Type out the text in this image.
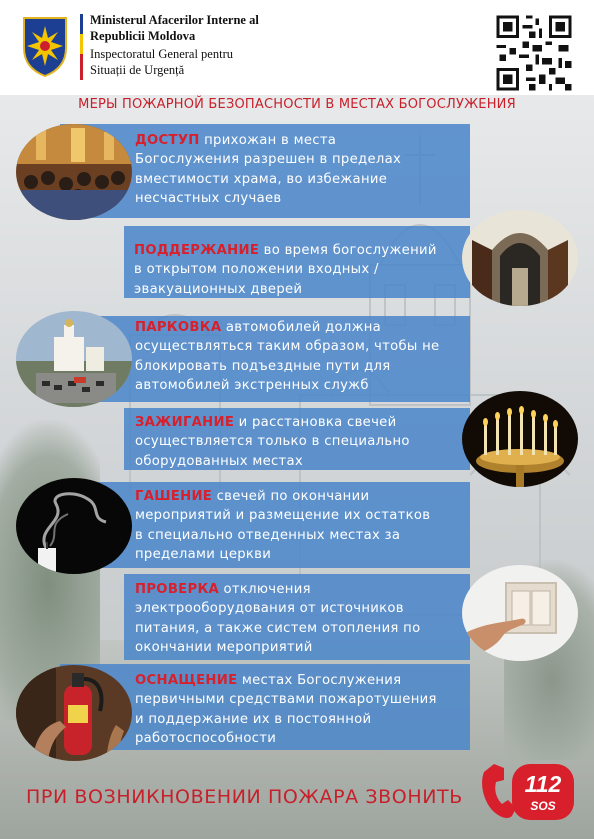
Ministerul Afacerilor Interne al
Republicii Moldova
Inspectoratul General pentru
Situații de Urgență
МЕРЫ ПОЖАРНОЙ БЕЗОПАСНОСТИ В МЕСТАХ БОГОСЛУЖЕНИЯ
ДОСТУП прихожан в места
Богослужения разрешен в пределах
вместимости храма, во избежание
несчастных случаев
ПОДДЕРЖАНИЕ во время богослужений
в открытом положении входных /
эвакуационных дверей
ПАРКОВКА автомобилей должна
осуществляться таким образом, чтобы не
блокировать подъездные пути для
автомобилей экстренных служб
ЗАЖИГАНИЕ и расстановка свечей
осуществляется только в специально
оборудованных местах
ГАШЕНИЕ свечей по окончании
мероприятий и размещение их остатков
в специально отведенных местах за
пределами церкви
ПРОВЕРКА отключения
электрооборудования от источников
питания, а также систем отопления по
окончании мероприятий
ОСНАЩЕНИЕ местах Богослужения
первичными средствами пожаротушения
и поддержание их в постоянной
работоспособности
ПРИ ВОЗНИКНОВЕНИИ ПОЖАРА ЗВОНИТЬ	112
SOS
